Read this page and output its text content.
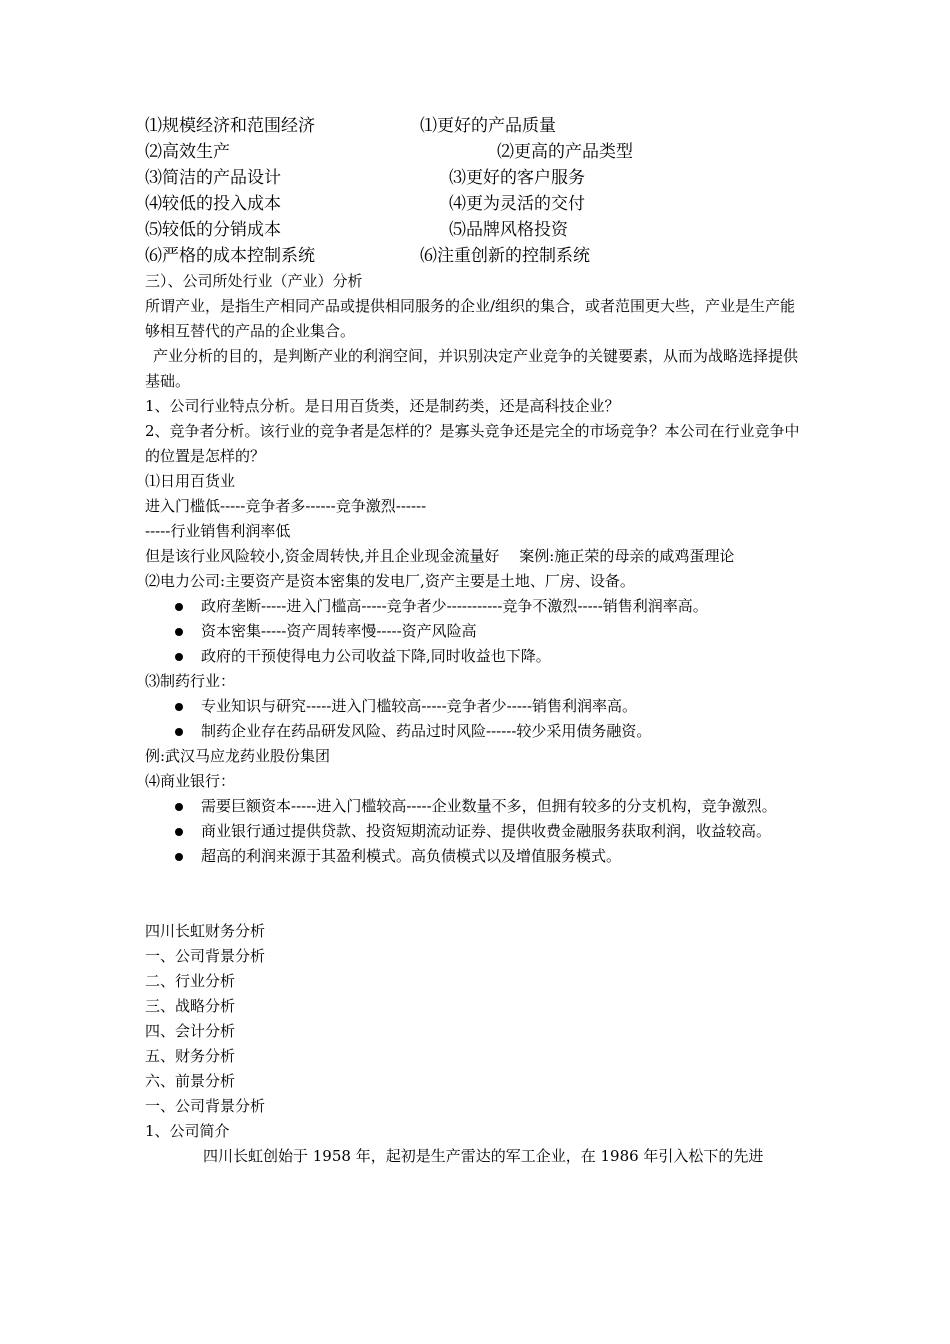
⑴规模经济和范围经济	⑴更好的产品质量
⑵高效生产	⑵更高的产品类型
⑶简洁的产品设计	⑶更好的客户服务
⑷较低的投入成本	⑷更为灵活的交付
⑸较低的分销成本	⑸品牌风格投资
⑹严格的成本控制系统	⑹注重创新的控制系统

三）、公司所处行业（产业）分析

所谓产业，是指生产相同产品或提供相同服务的企业/组织的集合，或者范围更大些，产业是生产能够相互替代的产品的企业集合。

产业分析的目的，是判断产业的利润空间，并识别决定产业竞争的关键要素，从而为战略选择提供基础。

1、公司行业特点分析。是日用百货类，还是制药类，还是高科技企业？

2、竞争者分析。该行业的竞争者是怎样的？是寡头竞争还是完全的市场竞争？本公司在行业竞争中的位置是怎样的？

⑴日用百货业

进入门槛低-----竞争者多------竞争激烈------

-----行业销售利润率低

但是该行业风险较小,资金周转快,并且企业现金流量好　 案例:施正荣的母亲的咸鸡蛋理论

⑵电力公司:主要资产是资本密集的发电厂,资产主要是土地、厂房、设备。

政府垄断-----进入门槛高-----竞争者少-----------竞争不激烈-----销售利润率高。
资本密集-----资产周转率慢-----资产风险高
政府的干预使得电力公司收益下降,同时收益也下降。

⑶制药行业：

专业知识与研究-----进入门槛较高-----竞争者少-----销售利润率高。
制药企业存在药品研发风险、药品过时风险------较少采用债务融资。

例:武汉马应龙药业股份集团

⑷商业银行：

需要巨额资本-----进入门槛较高-----企业数量不多，但拥有较多的分支机构，竞争激烈。
商业银行通过提供贷款、投资短期流动证券、提供收费金融服务获取利润，收益较高。
超高的利润来源于其盈利模式。高负债模式以及增值服务模式。

四川长虹财务分析

一、公司背景分析

二、行业分析

三、战略分析

四、会计分析

五、财务分析

六、前景分析

一、公司背景分析

1、公司简介

四川长虹创始于 1958 年，起初是生产雷达的军工企业，在 1986 年引入松下的先进
